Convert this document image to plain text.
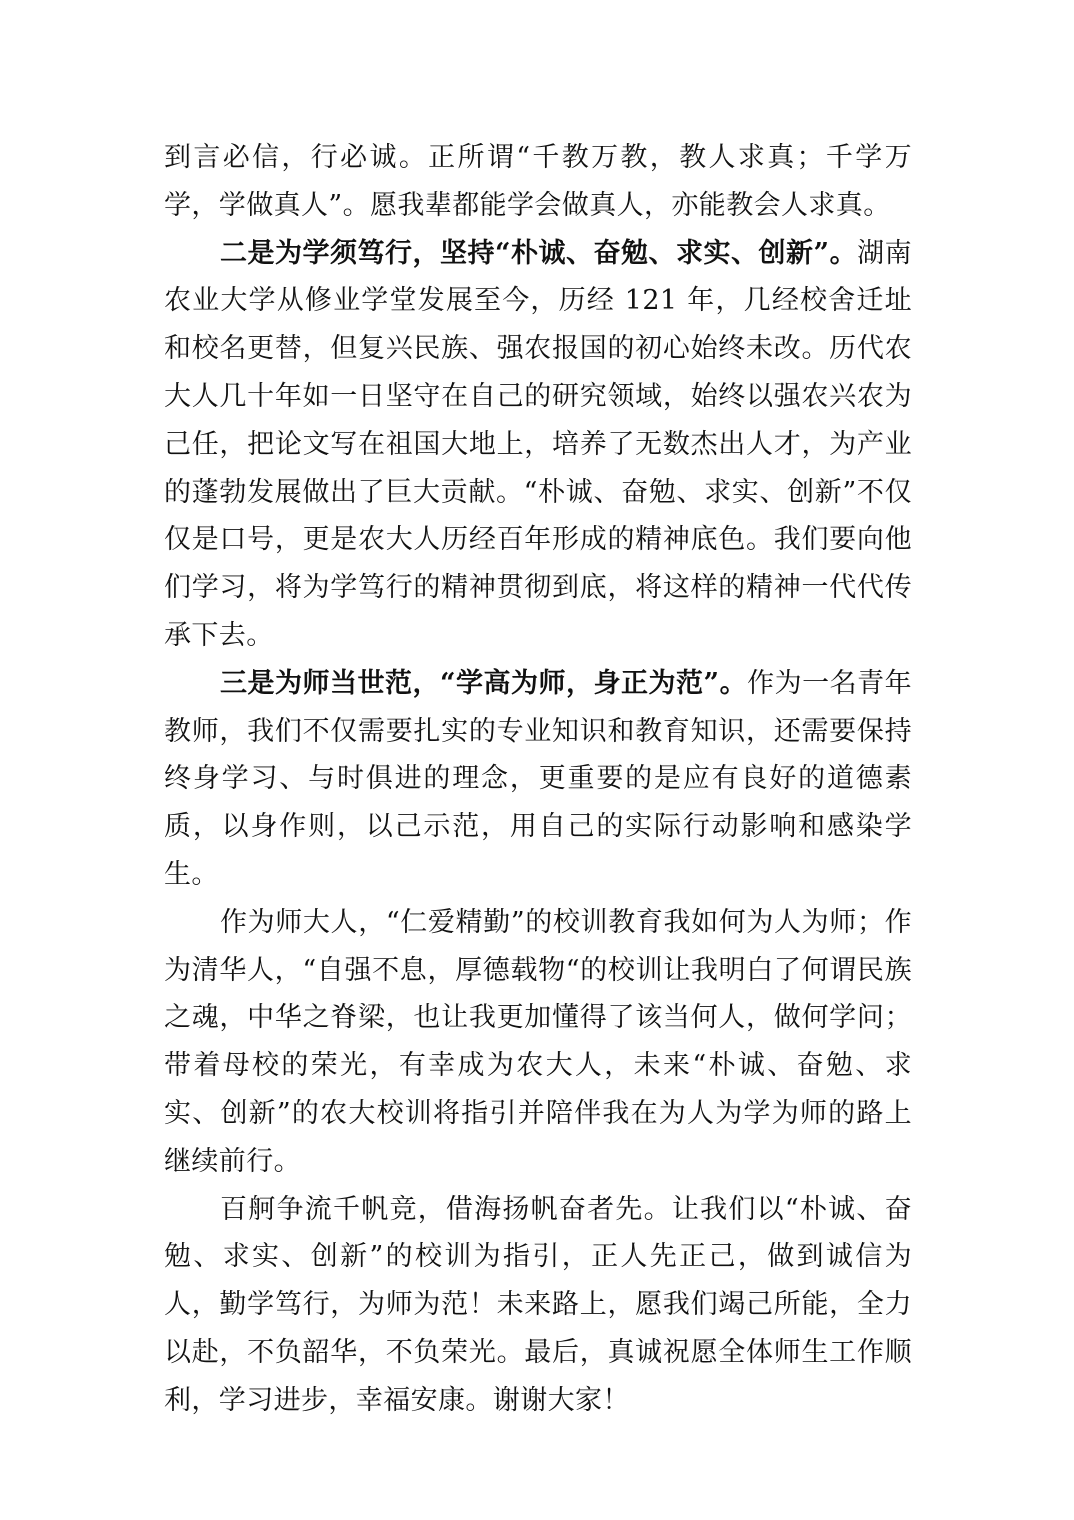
到言必信，行必诚。正所谓“千教万教，教人求真；千学万学，学做真人”。愿我辈都能学会做真人，亦能教会人求真。

二是为学须笃行，坚持“朴诚、奋勉、求实、创新”。湖南农业大学从修业学堂发展至今，历经 121 年，几经校舍迁址和校名更替，但复兴民族、强农报国的初心始终未改。历代农大人几十年如一日坚守在自己的研究领域，始终以强农兴农为己任，把论文写在祖国大地上，培养了无数杰出人才，为产业的蓬勃发展做出了巨大贡献。“朴诚、奋勉、求实、创新”不仅仅是口号，更是农大人历经百年形成的精神底色。我们要向他们学习，将为学笃行的精神贯彻到底，将这样的精神一代代传承下去。

三是为师当世范，“学高为师，身正为范”。作为一名青年教师，我们不仅需要扎实的专业知识和教育知识，还需要保持终身学习、与时俱进的理念，更重要的是应有良好的道德素质，以身作则，以己示范，用自己的实际行动影响和感染学生。

作为师大人，“仁爱精勤”的校训教育我如何为人为师；作为清华人，“自强不息，厚德载物“的校训让我明白了何谓民族之魂，中华之脊梁，也让我更加懂得了该当何人，做何学问；带着母校的荣光，有幸成为农大人，未来“朴诚、奋勉、求实、创新”的农大校训将指引并陪伴我在为人为学为师的路上继续前行。

百舸争流千帆竞，借海扬帆奋者先。让我们以“朴诚、奋勉、求实、创新”的校训为指引，正人先正己，做到诚信为人，勤学笃行，为师为范！未来路上，愿我们竭己所能，全力以赴，不负韶华，不负荣光。最后，真诚祝愿全体师生工作顺利，学习进步，幸福安康。谢谢大家！
